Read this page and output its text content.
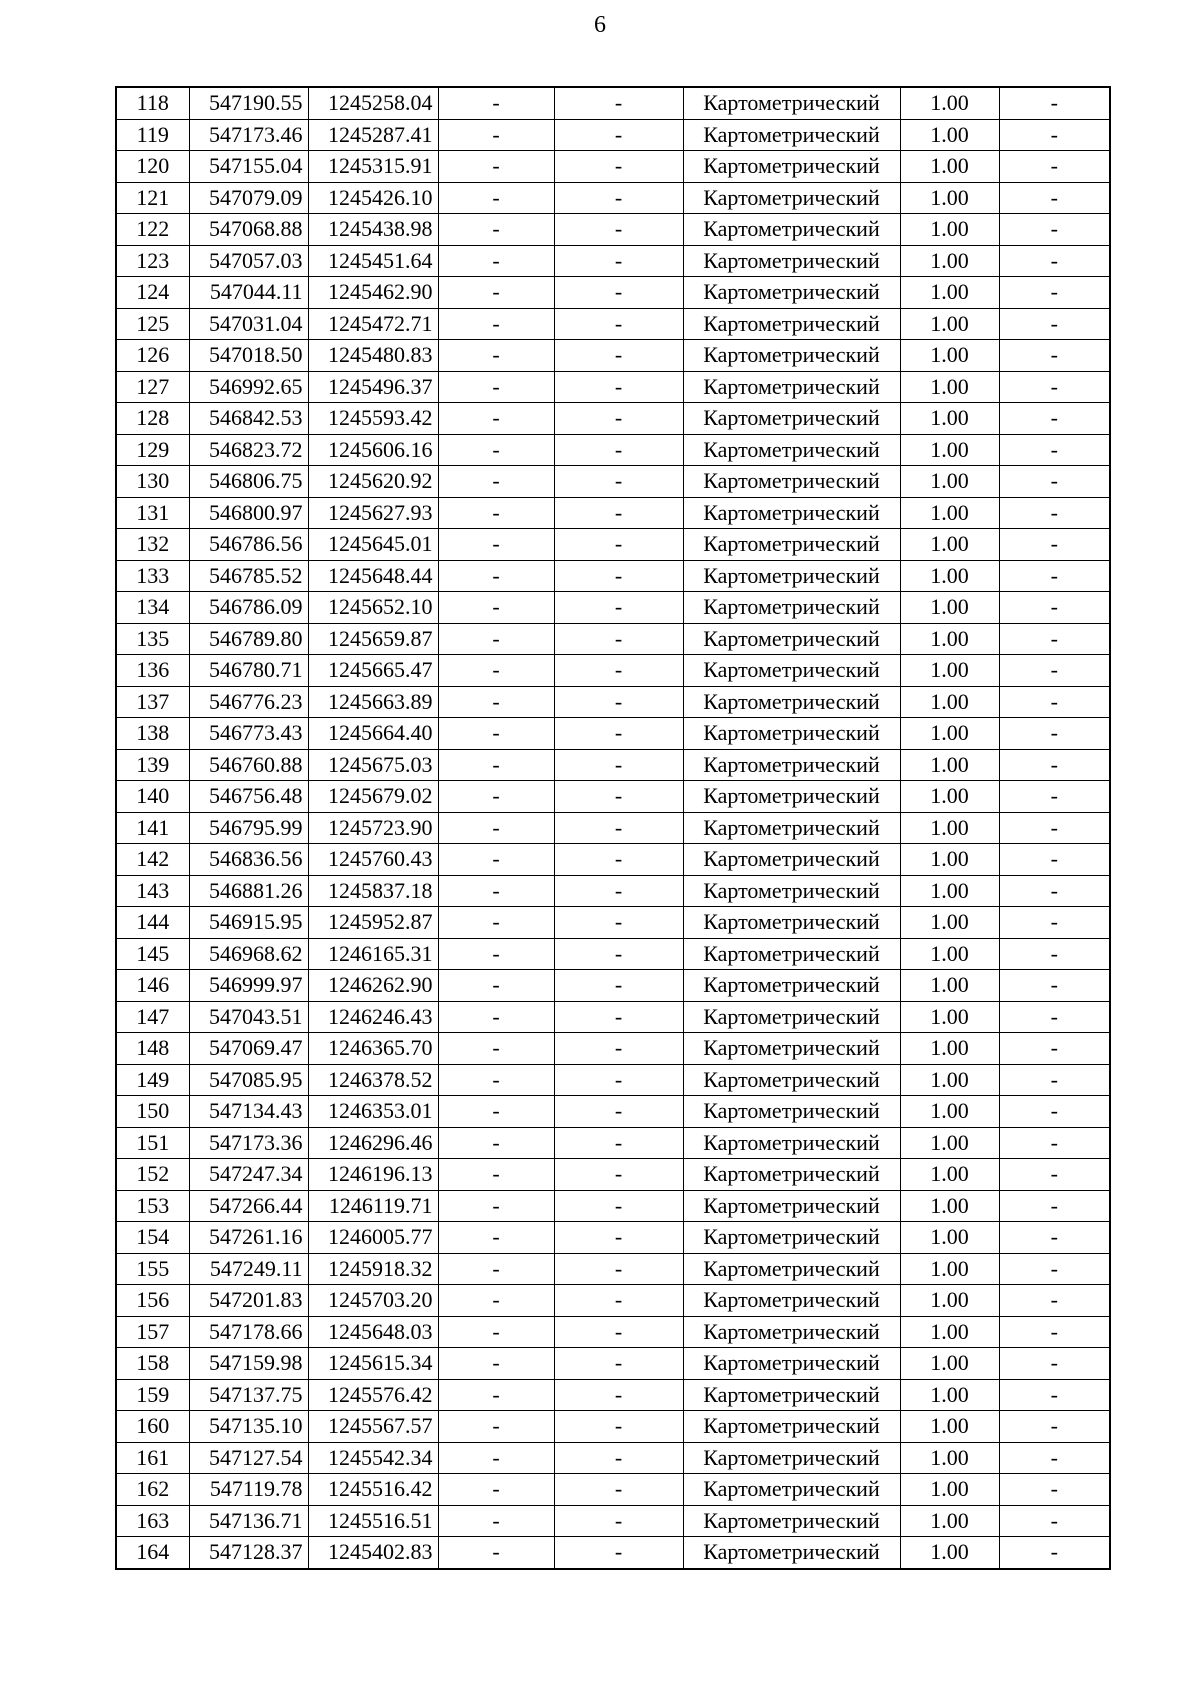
6
118	547190.55	1245258.04	-	-	Картометрический	1.00	-
119	547173.46	1245287.41	-	-	Картометрический	1.00	-
120	547155.04	1245315.91	-	-	Картометрический	1.00	-
121	547079.09	1245426.10	-	-	Картометрический	1.00	-
122	547068.88	1245438.98	-	-	Картометрический	1.00	-
123	547057.03	1245451.64	-	-	Картометрический	1.00	-
124	547044.11	1245462.90	-	-	Картометрический	1.00	-
125	547031.04	1245472.71	-	-	Картометрический	1.00	-
126	547018.50	1245480.83	-	-	Картометрический	1.00	-
127	546992.65	1245496.37	-	-	Картометрический	1.00	-
128	546842.53	1245593.42	-	-	Картометрический	1.00	-
129	546823.72	1245606.16	-	-	Картометрический	1.00	-
130	546806.75	1245620.92	-	-	Картометрический	1.00	-
131	546800.97	1245627.93	-	-	Картометрический	1.00	-
132	546786.56	1245645.01	-	-	Картометрический	1.00	-
133	546785.52	1245648.44	-	-	Картометрический	1.00	-
134	546786.09	1245652.10	-	-	Картометрический	1.00	-
135	546789.80	1245659.87	-	-	Картометрический	1.00	-
136	546780.71	1245665.47	-	-	Картометрический	1.00	-
137	546776.23	1245663.89	-	-	Картометрический	1.00	-
138	546773.43	1245664.40	-	-	Картометрический	1.00	-
139	546760.88	1245675.03	-	-	Картометрический	1.00	-
140	546756.48	1245679.02	-	-	Картометрический	1.00	-
141	546795.99	1245723.90	-	-	Картометрический	1.00	-
142	546836.56	1245760.43	-	-	Картометрический	1.00	-
143	546881.26	1245837.18	-	-	Картометрический	1.00	-
144	546915.95	1245952.87	-	-	Картометрический	1.00	-
145	546968.62	1246165.31	-	-	Картометрический	1.00	-
146	546999.97	1246262.90	-	-	Картометрический	1.00	-
147	547043.51	1246246.43	-	-	Картометрический	1.00	-
148	547069.47	1246365.70	-	-	Картометрический	1.00	-
149	547085.95	1246378.52	-	-	Картометрический	1.00	-
150	547134.43	1246353.01	-	-	Картометрический	1.00	-
151	547173.36	1246296.46	-	-	Картометрический	1.00	-
152	547247.34	1246196.13	-	-	Картометрический	1.00	-
153	547266.44	1246119.71	-	-	Картометрический	1.00	-
154	547261.16	1246005.77	-	-	Картометрический	1.00	-
155	547249.11	1245918.32	-	-	Картометрический	1.00	-
156	547201.83	1245703.20	-	-	Картометрический	1.00	-
157	547178.66	1245648.03	-	-	Картометрический	1.00	-
158	547159.98	1245615.34	-	-	Картометрический	1.00	-
159	547137.75	1245576.42	-	-	Картометрический	1.00	-
160	547135.10	1245567.57	-	-	Картометрический	1.00	-
161	547127.54	1245542.34	-	-	Картометрический	1.00	-
162	547119.78	1245516.42	-	-	Картометрический	1.00	-
163	547136.71	1245516.51	-	-	Картометрический	1.00	-
164	547128.37	1245402.83	-	-	Картометрический	1.00	-
